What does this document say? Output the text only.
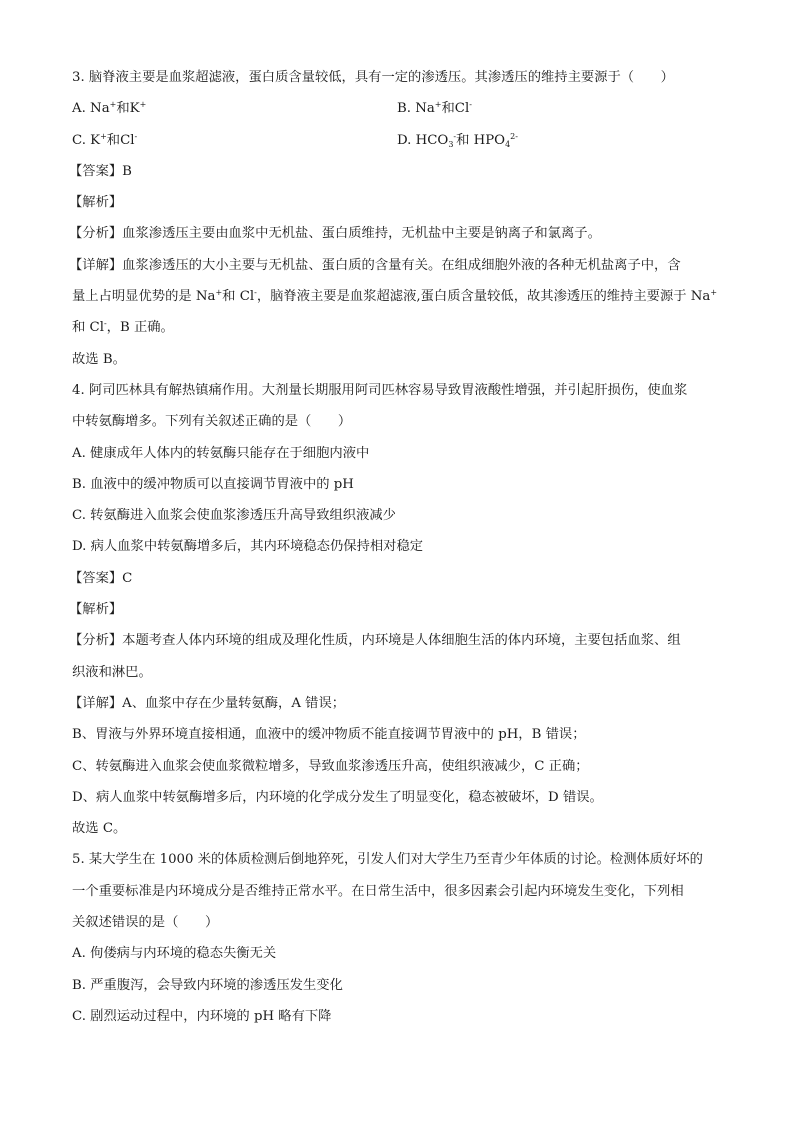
3. 脑脊液主要是血浆超滤液，蛋白质含量较低，具有一定的渗透压。其渗透压的维持主要源于（　　）
A. Na+和K+	B. Na+和Cl-
C. K+和Cl-	D. $HCO_3^-$和 $HPO_4^{2-}$
【答案】B
【解析】
【分析】血浆渗透压主要由血浆中无机盐、蛋白质维持，无机盐中主要是钠离子和氯离子。
【详解】血浆渗透压的大小主要与无机盐、蛋白质的含量有关。在组成细胞外液的各种无机盐离子中，含
量上占明显优势的是 Na+和 Cl-，脑脊液主要是血浆超滤液,蛋白质含量较低，故其渗透压的维持主要源于 Na+
和 Cl-，B 正确。
故选 B。
4. 阿司匹林具有解热镇痛作用。大剂量长期服用阿司匹林容易导致胃液酸性增强，并引起肝损伤，使血浆
中转氨酶增多。下列有关叙述正确的是（　　）
A. 健康成年人体内的转氨酶只能存在于细胞内液中
B. 血液中的缓冲物质可以直接调节胃液中的 pH
C. 转氨酶进入血浆会使血浆渗透压升高导致组织液减少
D. 病人血浆中转氨酶增多后，其内环境稳态仍保持相对稳定
【答案】C
【解析】
【分析】本题考查人体内环境的组成及理化性质，内环境是人体细胞生活的体内环境，主要包括血浆、组
织液和淋巴。
【详解】A、血浆中存在少量转氨酶，A 错误；
B、胃液与外界环境直接相通，血液中的缓冲物质不能直接调节胃液中的 pH，B 错误；
C、转氨酶进入血浆会使血浆微粒增多，导致血浆渗透压升高，使组织液减少，C 正确；
D、病人血浆中转氨酶增多后，内环境的化学成分发生了明显变化，稳态被破坏，D 错误。
故选 C。
5. 某大学生在 1000 米的体质检测后倒地猝死，引发人们对大学生乃至青少年体质的讨论。检测体质好坏的
一个重要标准是内环境成分是否维持正常水平。在日常生活中，很多因素会引起内环境发生变化，下列相
关叙述错误的是（　　）
A. 佝偻病与内环境的稳态失衡无关
B. 严重腹泻，会导致内环境的渗透压发生变化
C. 剧烈运动过程中，内环境的 pH 略有下降
